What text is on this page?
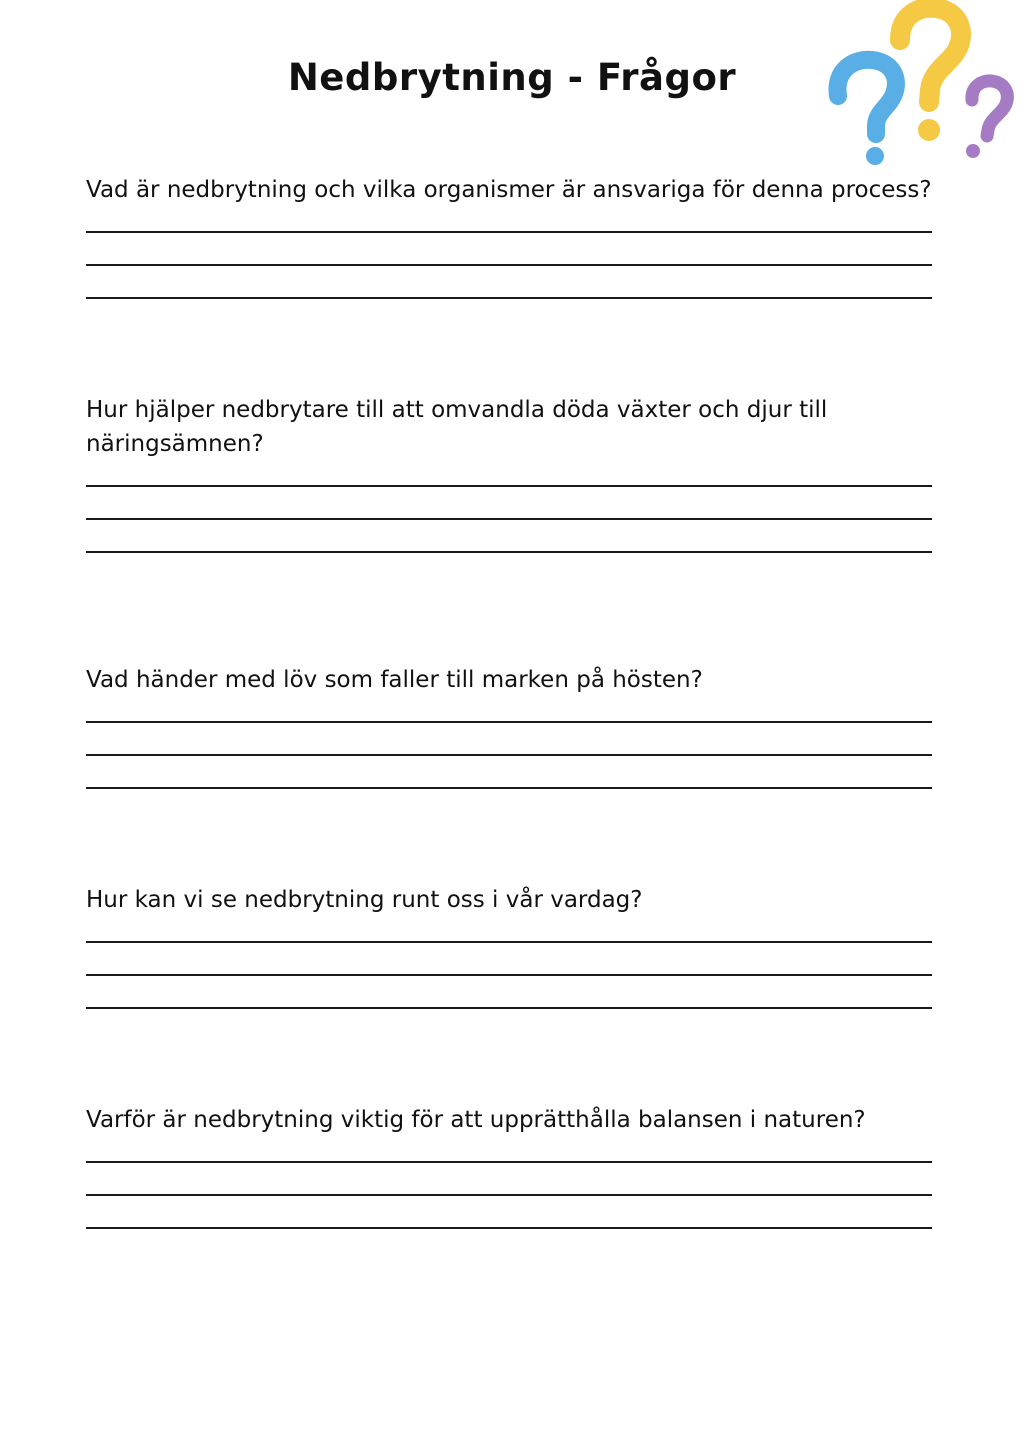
Nedbrytning - Frågor

Vad är nedbrytning och vilka organismer är ansvariga för denna process?

Hur hjälper nedbrytare till att omvandla döda växter och djur till näringsämnen?

Vad händer med löv som faller till marken på hösten?

Hur kan vi se nedbrytning runt oss i vår vardag?

Varför är nedbrytning viktig för att upprätthålla balansen i naturen?
